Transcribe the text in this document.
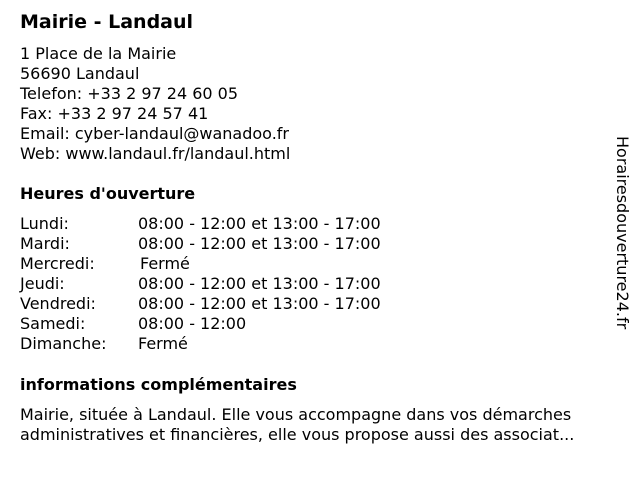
Mairie - Landaul
1 Place de la Mairie
56690 Landaul
Telefon: +33 2 97 24 60 05
Fax: +33 2 97 24 57 41
Email: cyber-landaul@wanadoo.fr
Web: www.landaul.fr/landaul.html
Heures d'ouverture
Lundi:	08:00 - 12:00 et 13:00 - 17:00
Mardi:	08:00 - 12:00 et 13:00 - 17:00
Mercredi:	Fermé
Jeudi:	08:00 - 12:00 et 13:00 - 17:00
Vendredi:	08:00 - 12:00 et 13:00 - 17:00
Samedi:	08:00 - 12:00
Dimanche: Fermé
informations complémentaires
Mairie, située à Landaul. Elle vous accompagne dans vos démarches
administratives et financières, elle vous propose aussi des associat...
Horairesdouverture24.fr
